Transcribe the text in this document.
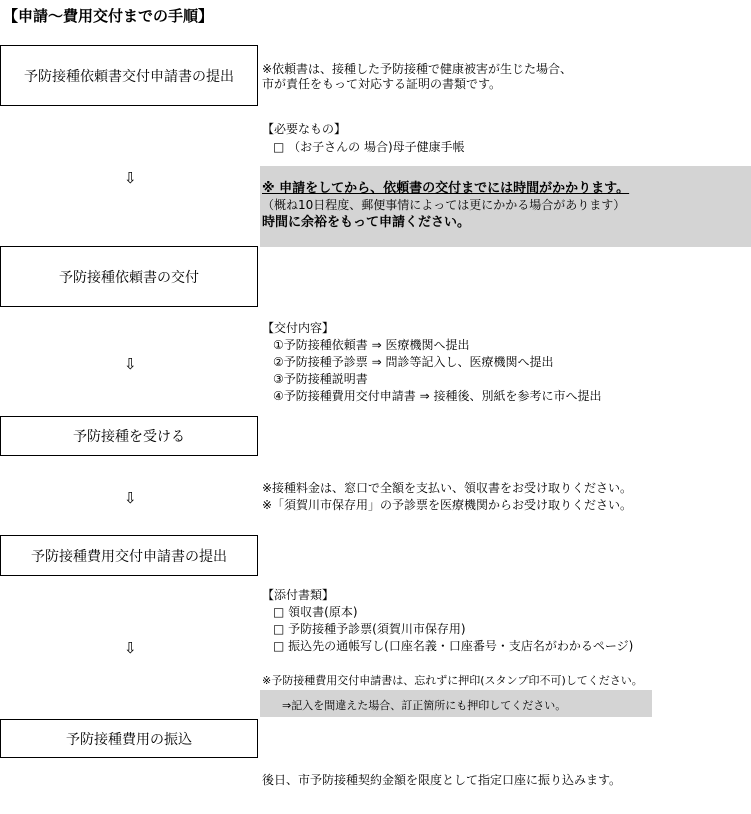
【申請～費用交付までの手順】
予防接種依頼書交付申請書の提出
予防接種依頼書の交付
予防接種を受ける
予防接種費用交付申請書の提出
予防接種費用の振込
⇩
⇩
⇩
⇩
※依頼書は、接種した予防接種で健康被害が生じた場合、
市が責任をもって対応する証明の書類です。
【必要なもの】
□ （お子さんの 場合)母子健康手帳
※ 申請をしてから、依頼書の交付までには時間がかかります。
（概ね10日程度、郵便事情によっては更にかかる場合があります）
時間に余裕をもって申請ください。
【交付内容】
①予防接種依頼書 ⇒ 医療機関へ提出
②予防接種予診票 ⇒ 問診等記入し、医療機関へ提出
③予防接種説明書
④予防接種費用交付申請書 ⇒ 接種後、別紙を参考に市へ提出
※接種料金は、窓口で全額を支払い、領収書をお受け取りください。
※「須賀川市保存用」の予診票を医療機関からお受け取りください。
【添付書類】
□ 領収書(原本)
□ 予防接種予診票(須賀川市保存用)
□ 振込先の通帳写し(口座名義・口座番号・支店名がわかるページ)
※予防接種費用交付申請書は、忘れずに押印(スタンプ印不可)してください。
⇒記入を間違えた場合、訂正箇所にも押印してください。
後日、市予防接種契約金額を限度として指定口座に振り込みます。
